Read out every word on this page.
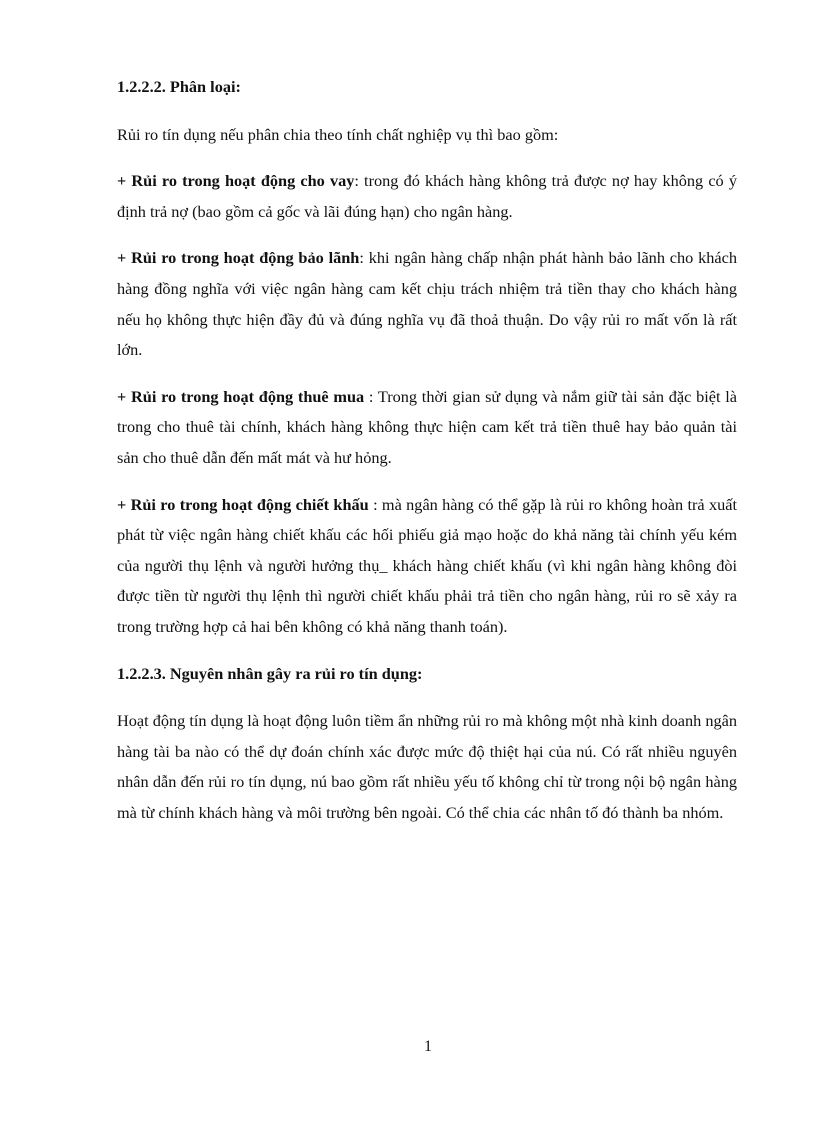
1.2.2.2. Phân loại:

Rủi ro tín dụng nếu phân chia theo tính chất nghiệp vụ thì bao gồm:

+ Rủi ro trong hoạt động cho vay: trong đó khách hàng không trả được nợ hay không có ý định trả nợ (bao gồm cả gốc và lãi đúng hạn) cho ngân hàng.

+ Rủi ro trong hoạt động bảo lãnh: khi ngân hàng chấp nhận phát hành bảo lãnh cho khách hàng đồng nghĩa với việc ngân hàng cam kết chịu trách nhiệm trả tiền thay cho khách hàng nếu họ không thực hiện đầy đủ và đúng nghĩa vụ đã thoả thuận. Do vậy rủi ro mất vốn là rất lớn.

+ Rủi ro trong hoạt động thuê mua : Trong thời gian sử dụng và nắm giữ tài sản đặc biệt là trong cho thuê tài chính, khách hàng không thực hiện cam kết trả tiền thuê hay bảo quản tài sản cho thuê dẫn đến mất mát và hư hỏng.

+ Rủi ro trong hoạt động chiết khấu : mà ngân hàng có thể gặp là rủi ro không hoàn trả xuất phát từ việc ngân hàng chiết khấu các hối phiếu giả mạo hoặc do khả năng tài chính yếu kém của người thụ lệnh và người hưởng thụ_ khách hàng chiết khấu (vì khi ngân hàng không đòi được tiền từ người thụ lệnh thì người chiết khấu phải trả tiền cho ngân hàng, rủi ro sẽ xảy ra trong trường hợp cả hai bên không có khả năng thanh toán).

1.2.2.3. Nguyên nhân gây ra rủi ro tín dụng:

Hoạt động tín dụng là hoạt động luôn tiềm ẩn những rủi ro mà không một nhà kinh doanh ngân hàng tài ba nào có thể dự đoán chính xác được mức độ thiệt hại của nú. Có rất nhiều nguyên nhân dẫn đến rủi ro tín dụng, nú bao gồm rất nhiều yếu tố không chỉ từ trong nội bộ ngân hàng mà từ chính khách hàng và môi trường bên ngoài. Có thể chia các nhân tố đó thành ba nhóm.

1
